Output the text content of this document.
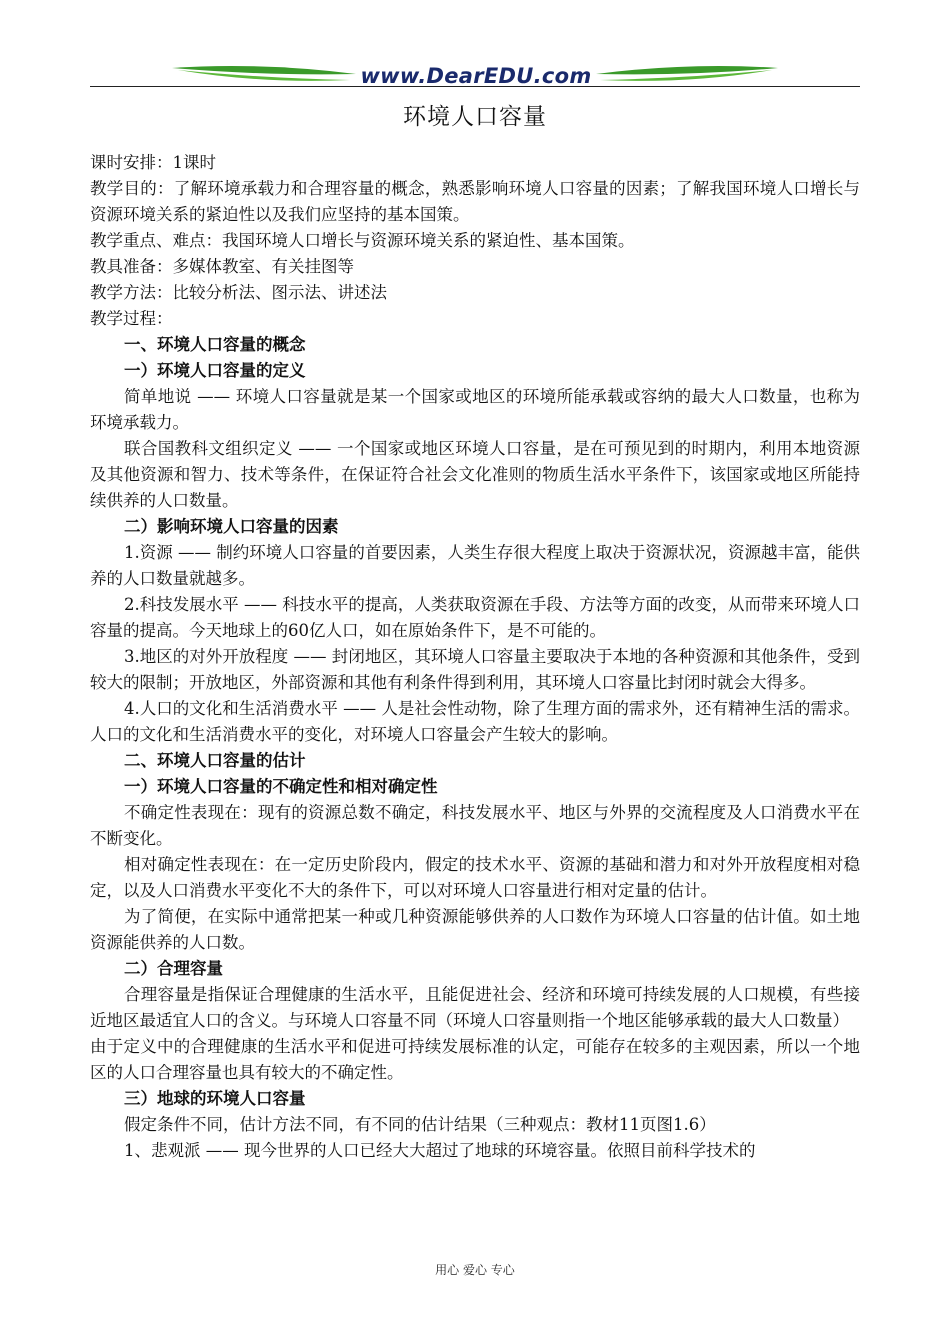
www.DearEDU.com
环境人口容量

课时安排：1课时

教学目的：了解环境承载力和合理容量的概念，熟悉影响环境人口容量的因素；了解我国环境人口增长与资源环境关系的紧迫性以及我们应坚持的基本国策。

教学重点、难点：我国环境人口增长与资源环境关系的紧迫性、基本国策。

教具准备：多媒体教室、有关挂图等

教学方法：比较分析法、图示法、讲述法

教学过程：

一、环境人口容量的概念

一）环境人口容量的定义

简单地说 —— 环境人口容量就是某一个国家或地区的环境所能承载或容纳的最大人口数量，也称为环境承载力。

联合国教科文组织定义 —— 一个国家或地区环境人口容量，是在可预见到的时期内，利用本地资源及其他资源和智力、技术等条件，在保证符合社会文化准则的物质生活水平条件下，该国家或地区所能持续供养的人口数量。

二）影响环境人口容量的因素

1.资源 —— 制约环境人口容量的首要因素，人类生存很大程度上取决于资源状况，资源越丰富，能供养的人口数量就越多。

2.科技发展水平 —— 科技水平的提高，人类获取资源在手段、方法等方面的改变，从而带来环境人口容量的提高。今天地球上的60亿人口，如在原始条件下，是不可能的。

3.地区的对外开放程度 —— 封闭地区，其环境人口容量主要取决于本地的各种资源和其他条件，受到较大的限制；开放地区，外部资源和其他有利条件得到利用，其环境人口容量比封闭时就会大得多。

4.人口的文化和生活消费水平 —— 人是社会性动物，除了生理方面的需求外，还有精神生活的需求。人口的文化和生活消费水平的变化，对环境人口容量会产生较大的影响。

二、环境人口容量的估计

一）环境人口容量的不确定性和相对确定性

不确定性表现在：现有的资源总数不确定，科技发展水平、地区与外界的交流程度及人口消费水平在不断变化。

相对确定性表现在：在一定历史阶段内，假定的技术水平、资源的基础和潜力和对外开放程度相对稳定，以及人口消费水平变化不大的条件下，可以对环境人口容量进行相对定量的估计。

为了简便，在实际中通常把某一种或几种资源能够供养的人口数作为环境人口容量的估计值。如土地资源能供养的人口数。

二）合理容量

合理容量是指保证合理健康的生活水平，且能促进社会、经济和环境可持续发展的人口规模，有些接近地区最适宜人口的含义。与环境人口容量不同（环境人口容量则指一个地区能够承载的最大人口数量）

由于定义中的合理健康的生活水平和促进可持续发展标准的认定，可能存在较多的主观因素，所以一个地区的人口合理容量也具有较大的不确定性。

三）地球的环境人口容量

假定条件不同，估计方法不同，有不同的估计结果（三种观点：教材11页图1.6）

1、悲观派 —— 现今世界的人口已经大大超过了地球的环境容量。依照目前科学技术的

用心 爱心 专心
